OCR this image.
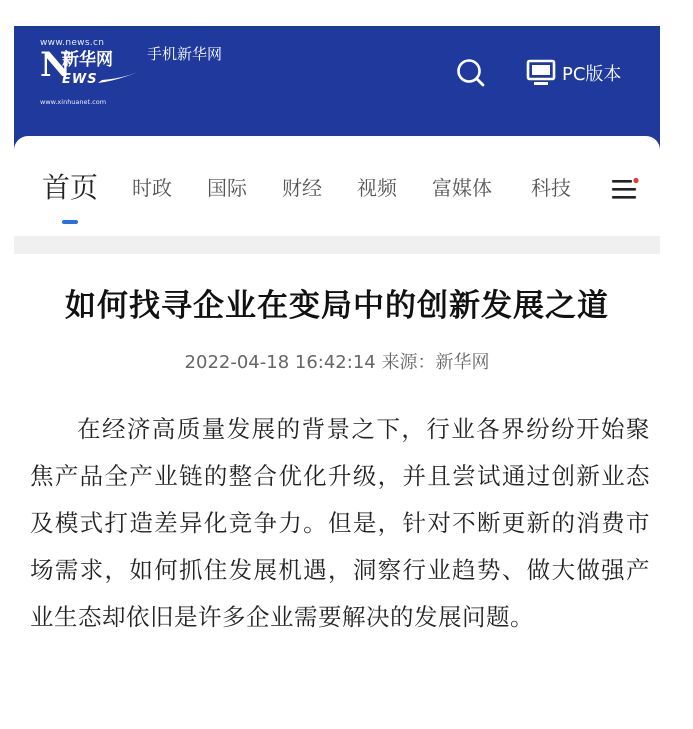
www.news.cn
N
新华网
EWS
www.xinhuanet.com
手机新华网
PC版本
首页 时政 国际 财经 视频 富媒体 科技
如何找寻企业在变局中的创新发展之道
2022-04-18 16:42:14 来源：新华网

在经济高质量发展的背景之下，行业各界纷纷开始聚焦产品全产业链的整合优化升级，并且尝试通过创新业态及模式打造差异化竞争力。但是，针对不断更新的消费市场需求，如何抓住发展机遇，洞察行业趋势、做大做强产业生态却依旧是许多企业需要解决的发展问题。
